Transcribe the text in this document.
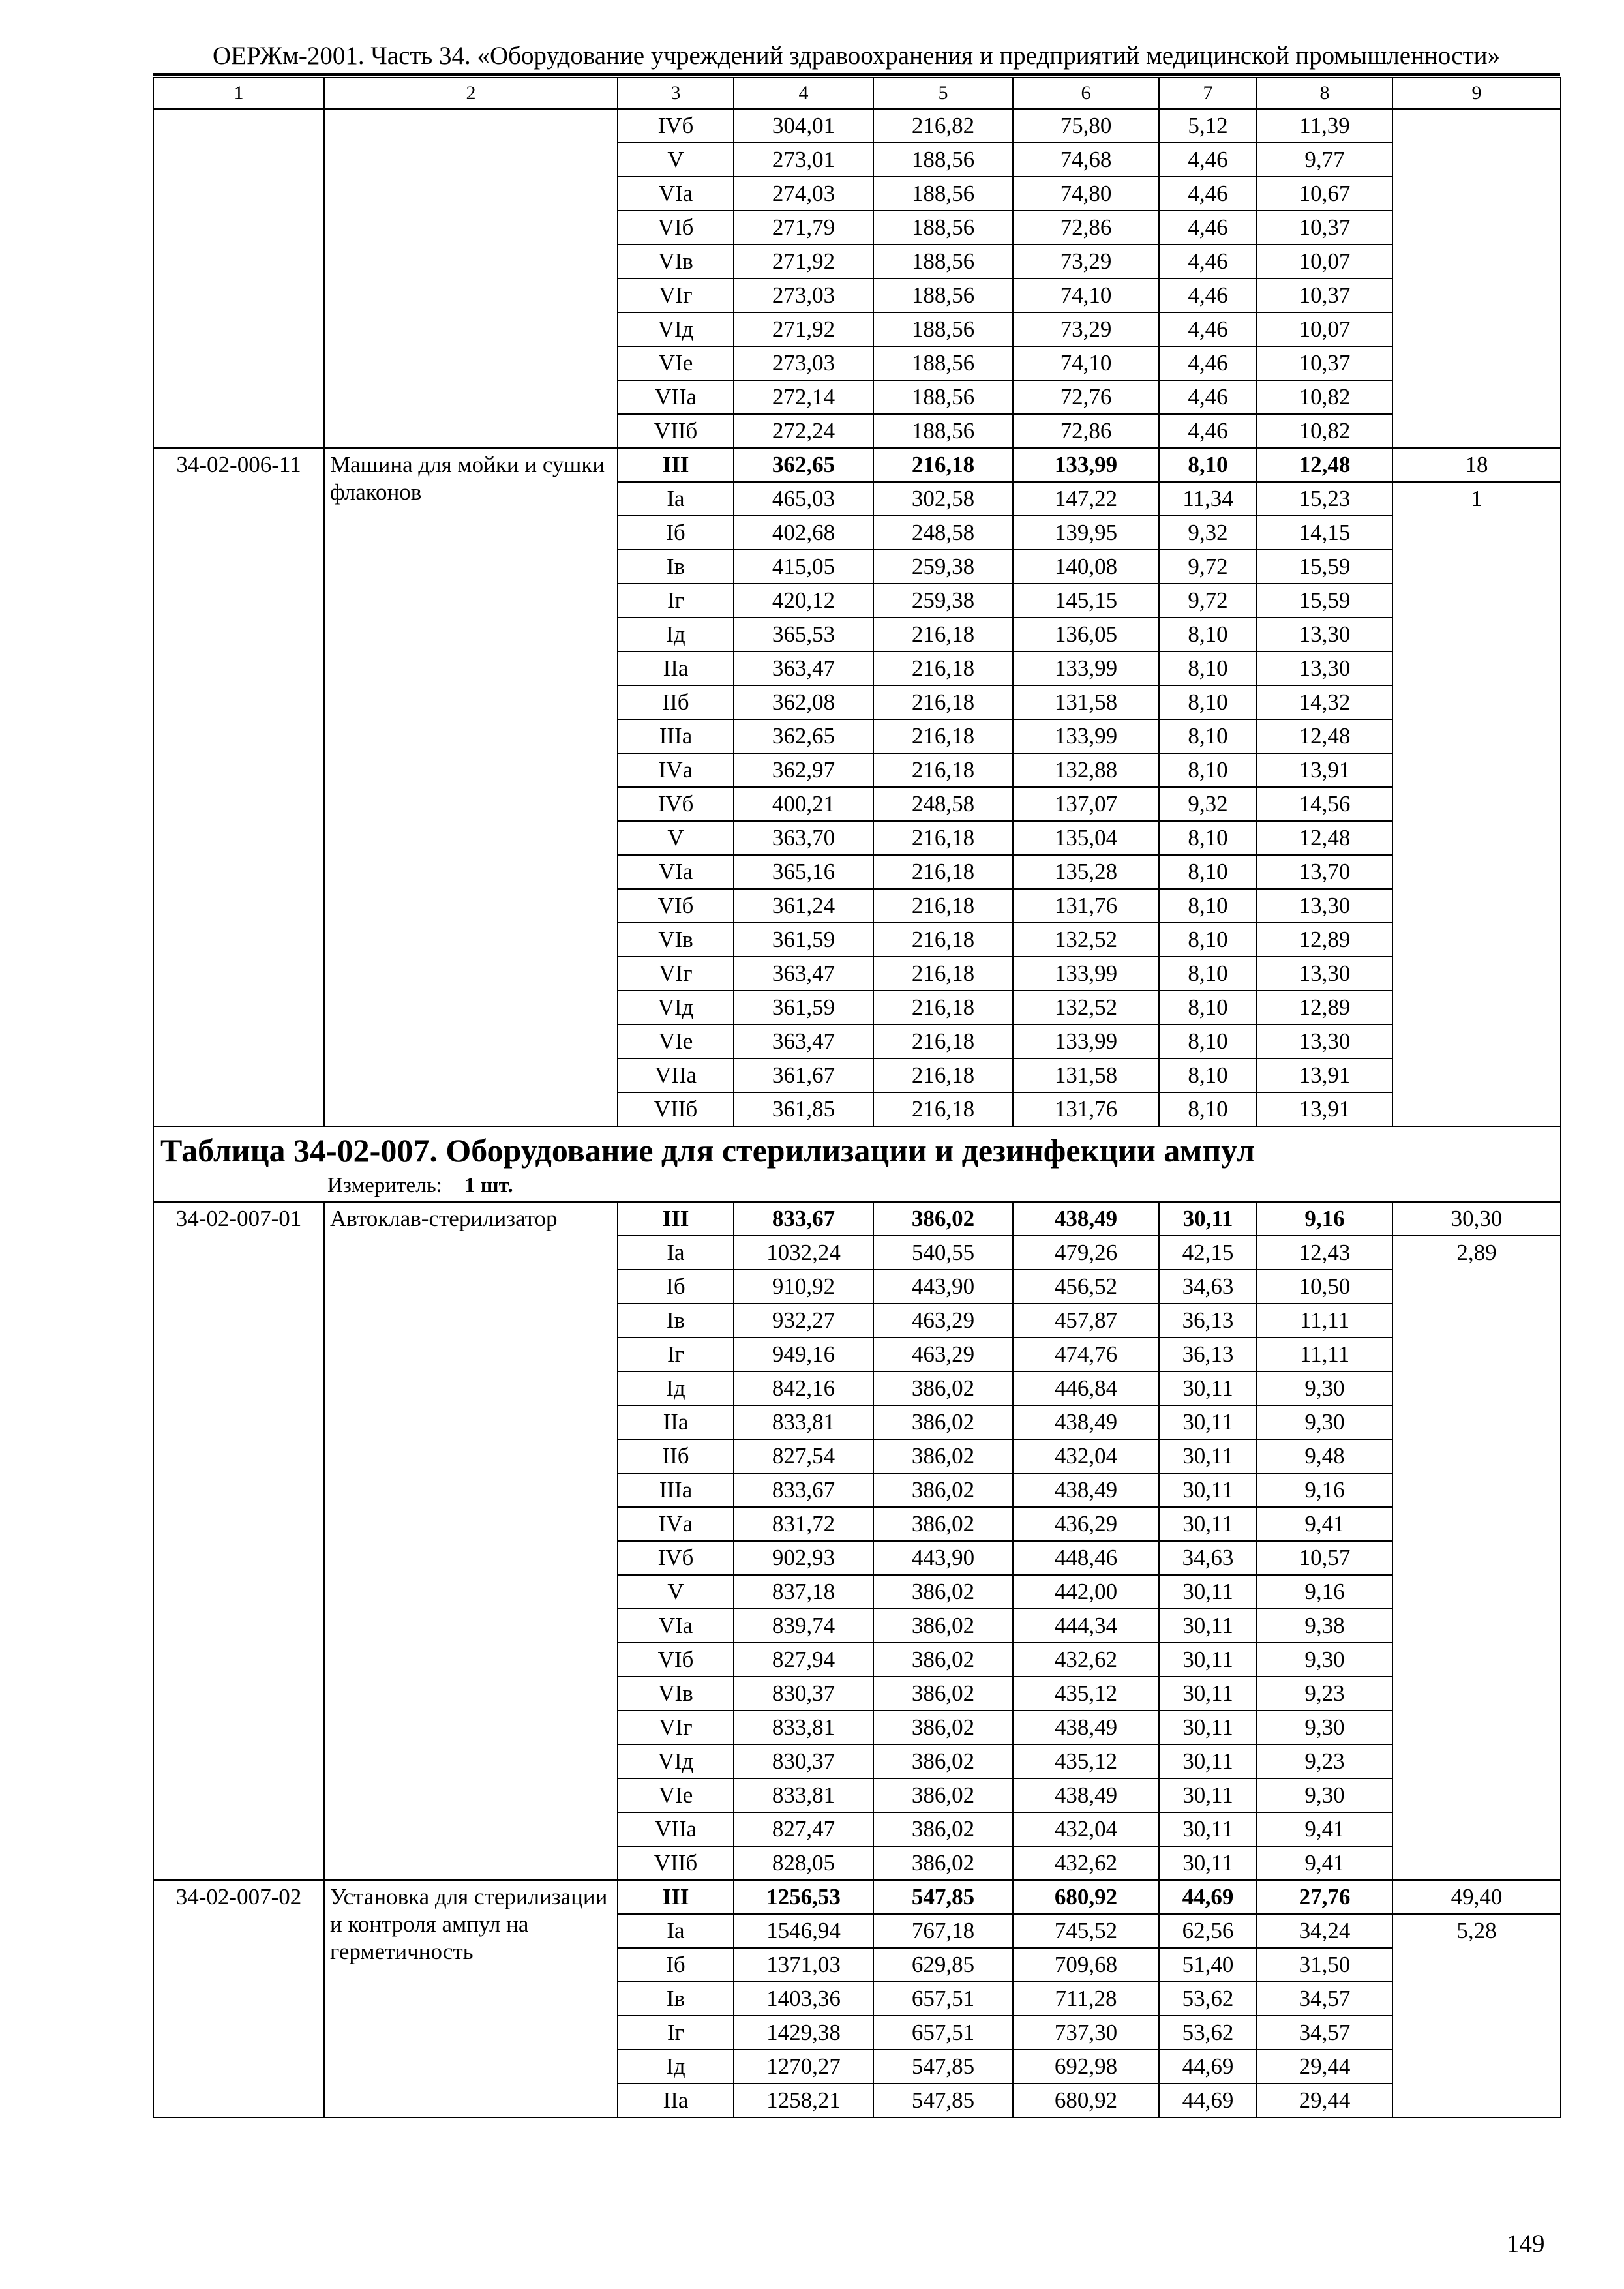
ОЕРЖм-2001. Часть 34. «Оборудование учреждений здравоохранения и предприятий медицинской промышленности»
1	2	3	4	5	6	7	8	9
		IVб	304,01	216,82	75,80	5,12	11,39	
		V	273,01	188,56	74,68	4,46	9,77	
		VIа	274,03	188,56	74,80	4,46	10,67	
		VIб	271,79	188,56	72,86	4,46	10,37	
		VIв	271,92	188,56	73,29	4,46	10,07	
		VIг	273,03	188,56	74,10	4,46	10,37	
		VIд	271,92	188,56	73,29	4,46	10,07	
		VIе	273,03	188,56	74,10	4,46	10,37	
		VIIа	272,14	188,56	72,76	4,46	10,82	
		VIIб	272,24	188,56	72,86	4,46	10,82	
34-02-006-11	Машина для мойки и сушки флаконов	III	362,65	216,18	133,99	8,10	12,48	18
		Iа	465,03	302,58	147,22	11,34	15,23	1
		Iб	402,68	248,58	139,95	9,32	14,15	
		Iв	415,05	259,38	140,08	9,72	15,59	
		Iг	420,12	259,38	145,15	9,72	15,59	
		Iд	365,53	216,18	136,05	8,10	13,30	
		IIа	363,47	216,18	133,99	8,10	13,30	
		IIб	362,08	216,18	131,58	8,10	14,32	
		IIIа	362,65	216,18	133,99	8,10	12,48	
		IVа	362,97	216,18	132,88	8,10	13,91	
		IVб	400,21	248,58	137,07	9,32	14,56	
		V	363,70	216,18	135,04	8,10	12,48	
		VIа	365,16	216,18	135,28	8,10	13,70	
		VIб	361,24	216,18	131,76	8,10	13,30	
		VIв	361,59	216,18	132,52	8,10	12,89	
		VIг	363,47	216,18	133,99	8,10	13,30	
		VIд	361,59	216,18	132,52	8,10	12,89	
		VIе	363,47	216,18	133,99	8,10	13,30	
		VIIа	361,67	216,18	131,58	8,10	13,91	
		VIIб	361,85	216,18	131,76	8,10	13,91	

Таблица 34-02-007. Оборудование для стерилизации и дезинфекции ампул
Измеритель: 1 шт.								

34-02-007-01	Автоклав-стерилизатор	III	833,67	386,02	438,49	30,11	9,16	30,30
		Iа	1032,24	540,55	479,26	42,15	12,43	2,89
		Iб	910,92	443,90	456,52	34,63	10,50	
		Iв	932,27	463,29	457,87	36,13	11,11	
		Iг	949,16	463,29	474,76	36,13	11,11	
		Iд	842,16	386,02	446,84	30,11	9,30	
		IIа	833,81	386,02	438,49	30,11	9,30	
		IIб	827,54	386,02	432,04	30,11	9,48	
		IIIа	833,67	386,02	438,49	30,11	9,16	
		IVа	831,72	386,02	436,29	30,11	9,41	
		IVб	902,93	443,90	448,46	34,63	10,57	
		V	837,18	386,02	442,00	30,11	9,16	
		VIа	839,74	386,02	444,34	30,11	9,38	
		VIб	827,94	386,02	432,62	30,11	9,30	
		VIв	830,37	386,02	435,12	30,11	9,23	
		VIг	833,81	386,02	438,49	30,11	9,30	
		VIд	830,37	386,02	435,12	30,11	9,23	
		VIе	833,81	386,02	438,49	30,11	9,30	
		VIIа	827,47	386,02	432,04	30,11	9,41	
		VIIб	828,05	386,02	432,62	30,11	9,41	
34-02-007-02	Установка для стерилизации и контроля ампул на герметичность	III	1256,53	547,85	680,92	44,69	27,76	49,40
		Iа	1546,94	767,18	745,52	62,56	34,24	5,28
		Iб	1371,03	629,85	709,68	51,40	31,50	
		Iв	1403,36	657,51	711,28	53,62	34,57	
		Iг	1429,38	657,51	737,30	53,62	34,57	
		Iд	1270,27	547,85	692,98	44,69	29,44	
		IIа	1258,21	547,85	680,92	44,69	29,44	
149
